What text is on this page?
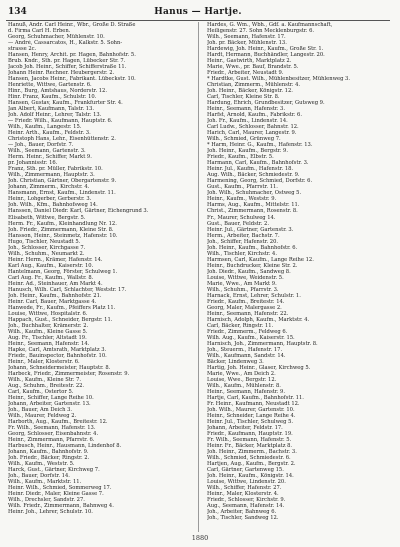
134	Hanus — Hartje.
Hanuß, Andr. Carl Heinr., Wbr., Große D. Straße
d. Firma Carl H. Erben.
Georg, Schuhmacher, Mühlenstr. 10.
— André, Cassarcatos, H., Kalkstr. 5. Sohn-
strasse 2c.
Hansen, Henry, Archit. pr. Hagen, Bahnhofstr. 5.
Brub. Kndr., Sth. pr. Hagen, Lübecker Str. 7.
Jacob Joh. Heinr., Schiffer, Schifferstraße 11.
Johann Heinr. Rechner. Heubergerstr. 2.
Hansen, Jacobs Heinr., Fabrikant. Lübeckstr. 10.
Henriette, Wittwe, Gartenstr. 6.
Hinr., Burg, Amtshaus, Norderstr. 12.
Hinr. Franz, Kaufm., Schulstr. 10.
Hansen, Gustav, Kaufm., Frankfurter Str. 4.
Jan Albert, Kaufmann, Talstr. 13.
Joh. Adolf Heinr., Lehrer, Talstr. 13.
— Friedr. Wilh., Kaufmann, Hauptstr. 6.
Wilh., Kaufm., Langestr. 15.
Heinr. Arth., Kaufm., Feldstr. 3.
Christoph Hans, Lehr., Eisenhüttenstr. 2.
— Joh., Bauer, Dorfstr. 7.
Wilh., Seemann, Gartenstr. 3.
Herm. Heinr., Schiffer, Markt 9.
pr. Johannisstr. 16.
Franz, Sth. pr. Müller, Fabrikstr. 10.
Wilh., Zimmermann, Hauptstr. 3.
Joh. Christian, Gärtner, Obergartenstr. 9.
Johann, Zimmerm., Kirchstr. 4.
Hansmann, Ernst, Kaufm., Lindenstr. 11.
Heinr., Lohgerber, Gerberstr. 3.
Joh. Wilh., Kfm., Bahnhofsweg 14.
Hanssen, Daniel Diedr. Karl, Gärtner, Eichengrund 3.
Elisabeth, Wittwe, Bergstr. 5.
Herm. Fr., Kaufm., Kleinhandlung Nr. 12.
Joh. Friedr., Zimmermann, Kleine Str. 8.
Hansson, Heinr., Steinmetz, Hafenstr. 10.
Hugo, Tischler, Neustadt 5.
Joh., Schlosser, Kirchgasse 7.
Wilh., Schuhm., Neumarkt 2.
Heinr. Herm., Krämer, Hafenstr. 14.
Karl Aug., Kaufm., Kaiserstr. 10.
Hantelmann, Georg, Förster, Schulweg 1.
Carl Aug. Fr., Kaufm., Wallstr. 8.
Heinr. Ad., Steinhauer, Am Markt 4.
Hanusch, Wilh. Carl, Schlachter, Weststr. 17.
Joh. Heinr., Kaufm., Bahnhofstr. 21.
Heinr. Carl, Bauer, Marktgasse 4.
Hanwede, Fr., Kaufm., Pfeiffers Platz 11.
Louise, Wittwe, Hospitalstr. 6.
Happach, Gust., Schneider, Bergstr. 11.
Joh., Buchhalter, Krämerstr. 2.
Wilh., Kaufm., Kleine Gasse 5.
Aug. Fr., Tischler, Altstadt 19.
Heinr., Seemann, Hafenstr. 14.
Hapke, Carl, Amtsrath, Marktplatz 3.
Friedr., Bauinspector, Bahnhofstr. 10.
Heinr., Maler, Klosterstr. 6.
Johann, Schneidermeister, Hauptstr. 8.
Harbeck, Friedr., Zimmermeister, Rosenstr. 9.
Wilh., Kaufm., Kleine Str. 7.
Aug., Schuhm., Breitestr. 22.
Carl, Kaufm., Ostertor 5.
Heinr., Schiffer, Lange Reihe 10.
Johann, Arbeiter, Gartenstr. 13.
Joh., Bauer, Am Deich 3.
Wilh., Maurer, Feldweg 2.
Harborth, Aug., Kaufm., Breitestr. 12.
Fr. Wilh., Seemann, Hafenstr. 13.
Georg, Schlosser, Eisenbahnstr. 4.
Heinr., Zimmermann, Pfarrstr. 6.
Harbusch, Heinr., Hausmann, Lindenhof 8.
Johann, Kaufm., Bahnhofstr. 9.
Joh. Friedr., Bäcker, Ringstr. 2.
Wilh., Kaufm., Weststr. 5.
Harck, Gust., Gärtner, Kirchweg 7.
Joh., Bauer, Dorfstr. 14.
Wilh., Kaufm., Marktstr. 11.
Heinr. Wilh., Schmied, Sommerweg 17.
Heinr. Diedr., Maler, Kleine Gasse 7.
Wilh., Drechsler, Sandstr. 27.
Wilh. Friedr., Zimmermann, Bahnweg 4.
Heinr. Joh., Lehrer, Schulstr. 10.
Hardes, G. Wm., Wbh., Gdf. a. Kaufmannschaft,
Heiligenstr. 27. Sohn Mecklenburgstr. 6.
Wilh., Seemann, Hafenstr. 17.
Joh. pr. Bäcker, Mühlenstr. 13.
Hardewig, Joh. Heinr., Kaufm., Große Str. 1.
Hardt, Hermann, Buchhändler, Langestr. 20.
Heinr., Gastwirth, Marktplatz 2.
Marie, Wwe., pr. Bauf, Brandstr. 5.
Friedr., Arbeiter, Neustadt 9.
* Hardtke, Gust. Wilh., Mühlenbesitzer, Mühlenweg 3.
Christian, Zimmerm., Mühlenstr. 4.
Joh. Heinr., Bäcker, Königstr. 12.
Carl, Tischler, Kleine Str. 8.
Hardung, Ehrich, Grundbesitzer, Gutsweg 9.
Heinr., Seemann, Hafenstr. 3.
Harfst, Arnold, Kaufm., Fabrikstr. 6.
Joh. Fr., Kaufm., Lindenstr. 14.
Carl Ludw., Schlosser, Bahnstr. 12.
Harich, Carl, Maurer, Langestr. 9.
Wilh., Schmied, Grünweg 7.
* Harm, Heinr. G., Kaufm., Hafenstr. 13.
Joh. Heinr., Kaufm., Bergstr. 9.
Friedr., Kaufm., Elbstr. 5.
Harmann, Carl, Kaufm., Bahnhofstr. 3.
Heinr. Jul., Kaufm., Hafenstr. 18.
Aug. Wilh., Bäcker, Schmiedestr. 9.
Harmening, Georg, Schmied, Dorfstr. 6.
Gust., Kaufm., Pfarrstr. 11.
Joh. Wilh., Schuhmacher, Ostweg 5.
Heinr., Kaufm., Weststr. 9.
Harms, Aug., Kaufm., Mittelstr. 11.
Christ., Zimmermann, Rosenstr. 8.
Fr., Maurer, Schulweg 14.
Gust., Bauer, Feldstr. 2.
Heinr. Jul., Gärtner, Gartenstr. 3.
Herm., Arbeiter, Bachstr. 7.
Joh., Schiffer, Hafenstr. 20.
Joh. Heinr., Kaufm., Bahnhofstr. 6.
Wilh., Tischler, Kirchstr. 4.
Harmsen, Carl, Kaufm., Lange Reihe 12.
Heinr., Buchdrucker, Kleine Str. 2.
Joh. Diedr., Kaufm., Sandweg 8.
Louise, Wittwe, Weidenstr. 5.
Marie, Wwe., Am Markt 9.
Wilh., Schuhm., Pfarrstr. 3.
Harnack, Ernst, Lehrer, Schulstr. 1.
Friedr., Kaufm., Breitestr. 14.
Georg, Maler, Malergasse 2.
Heinr., Seemann, Hafenstr. 22.
Harnisch, Adolph, Kaufm., Marktstr. 4.
Carl, Bäcker, Ringstr. 11.
Friedr., Zimmerm., Feldweg 6.
Wilh. Aug., Kaufm., Kaiserstr. 15.
Harnisch, Joh., Zimmermann, Hauptstr. 8.
Joh., Steuerm., Hafenstr. 17.
Wilh., Kaufmann, Sandstr. 14.
Bäcker, Lindenweg 3.
Hartig, Joh. Heinr., Glaser, Kirchweg 5.
Marie, Wwe., Am Deich 2.
Louise, Wwe., Bergstr. 12.
Wilh., Kaufm., Mühlenstr. 8.
Heinr., Seemann, Hafenstr. 9.
Hartje, Carl, Kaufm., Bahnhofstr. 11.
Fr. Heinr., Kaufmann, Neustadt 12.
Joh. Wilh., Maurer, Gartenstr. 10.
Heinr., Schneider, Lange Reihe 4.
Heinr. Jul., Tischler, Schulweg 5.
Johann, Arbeiter, Feldstr. 17.
Friedr., Kaufmann, Hauptstr. 19.
Fr. Wilh., Seemann, Hafenstr. 5.
Heinr. Fr., Bäcker, Marktplatz 8.
Joh. Heinr., Zimmerm., Bachstr. 3.
Wilh., Schmied, Schmiedestr. 6.
Hartjen, Aug., Kaufm., Bergstr. 2.
Carl, Gärtner, Gartenweg 15.
Joh. Heinr., Kaufm., Königstr. 14.
Louise, Wittwe, Lindenstr. 20.
Wilh., Schiffer, Hafenstr. 27.
Heinr., Maler, Klosterstr. 4.
Friedr., Schlosser, Kirchstr. 9.
Aug., Seemann, Hafenstr. 14.
Joh., Arbeiter, Bahnweg 6.
Joh., Tischler, Sandweg 12.
1880
